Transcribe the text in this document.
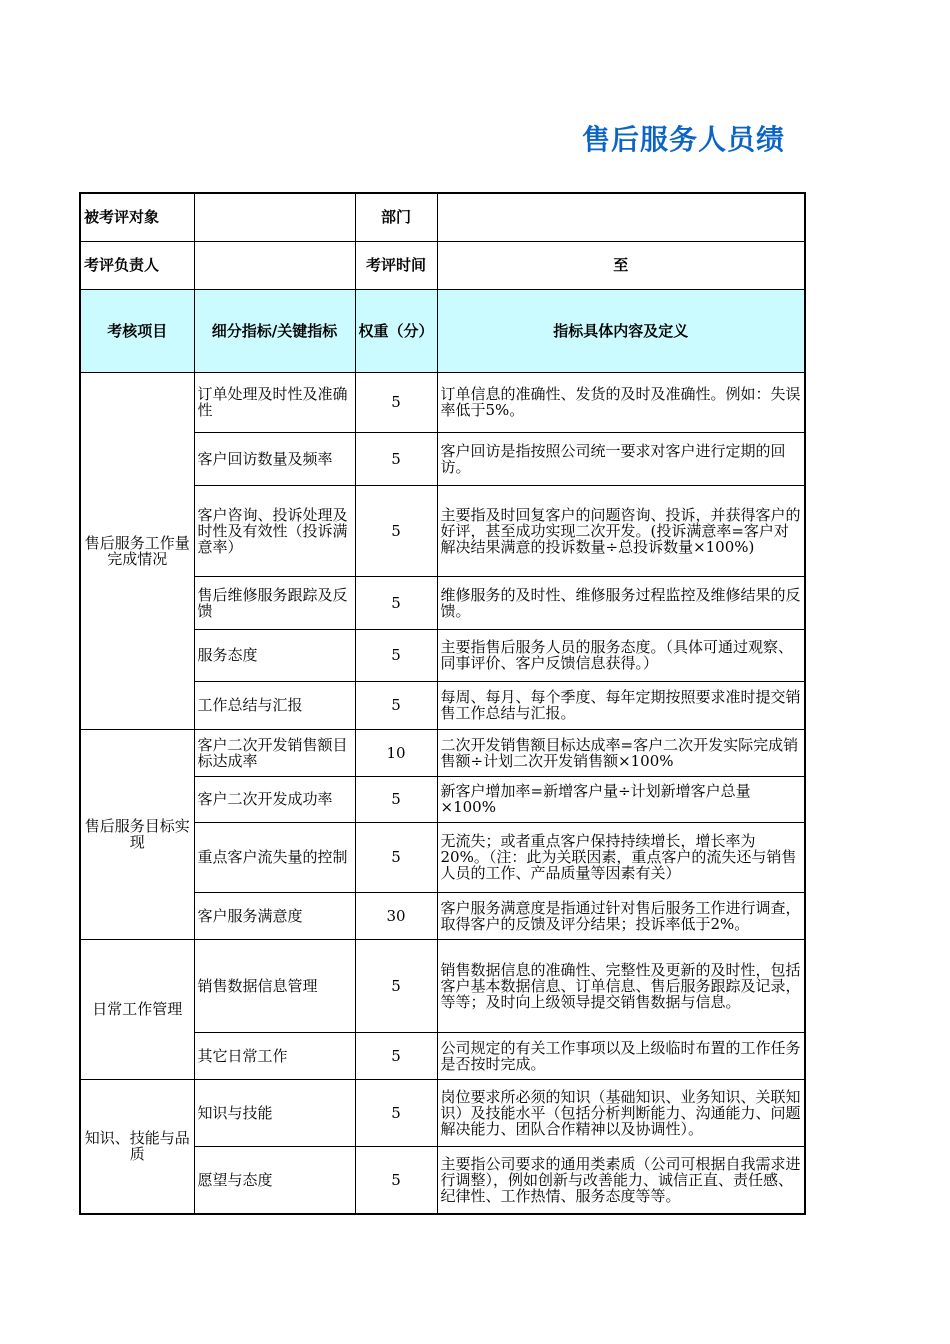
售后服务人员绩
被考评对象		部门	
考评负责人		考评时间	至
考核项目	细分指标/关键指标	权重（分）	指标具体内容及定义
售后服务工作量完成情况	订单处理及时性及准确性	5	订单信息的准确性、发货的及时及准确性。例如：失误率低于5%。
	客户回访数量及频率	5	客户回访是指按照公司统一要求对客户进行定期的回访。
	客户咨询、投诉处理及时性及有效性（投诉满意率）	5	主要指及时回复客户的问题咨询、投诉，并获得客户的好评，甚至成功实现二次开发。(投诉满意率=客户对解决结果满意的投诉数量÷总投诉数量×100%)
	售后维修服务跟踪及反馈	5	维修服务的及时性、维修服务过程监控及维修结果的反馈。
	服务态度	5	主要指售后服务人员的服务态度。（具体可通过观察、同事评价、客户反馈信息获得。）
	工作总结与汇报	5	每周、每月、每个季度、每年定期按照要求准时提交销售工作总结与汇报。
售后服务目标实现	客户二次开发销售额目标达成率	10	二次开发销售额目标达成率=客户二次开发实际完成销售额÷计划二次开发销售额×100%
	客户二次开发成功率	5	新客户增加率=新增客户量÷计划新增客户总量×100%
	重点客户流失量的控制	5	无流失；或者重点客户保持持续增长，增长率为20%。（注：此为关联因素，重点客户的流失还与销售人员的工作、产品质量等因素有关）
	客户服务满意度	30	客户服务满意度是指通过针对售后服务工作进行调查，取得客户的反馈及评分结果；投诉率低于2%。
日常工作管理	销售数据信息管理	5	销售数据信息的准确性、完整性及更新的及时性，包括客户基本数据信息、订单信息、售后服务跟踪及记录，等等；及时向上级领导提交销售数据与信息。
	其它日常工作	5	公司规定的有关工作事项以及上级临时布置的工作任务是否按时完成。
知识、技能与品质	知识与技能	5	岗位要求所必须的知识（基础知识、业务知识、关联知识）及技能水平（包括分析判断能力、沟通能力、问题解决能力、团队合作精神以及协调性）。
	愿望与态度	5	主要指公司要求的通用类素质（公司可根据自我需求进行调整），例如创新与改善能力、诚信正直、责任感、纪律性、工作热情、服务态度等等。
